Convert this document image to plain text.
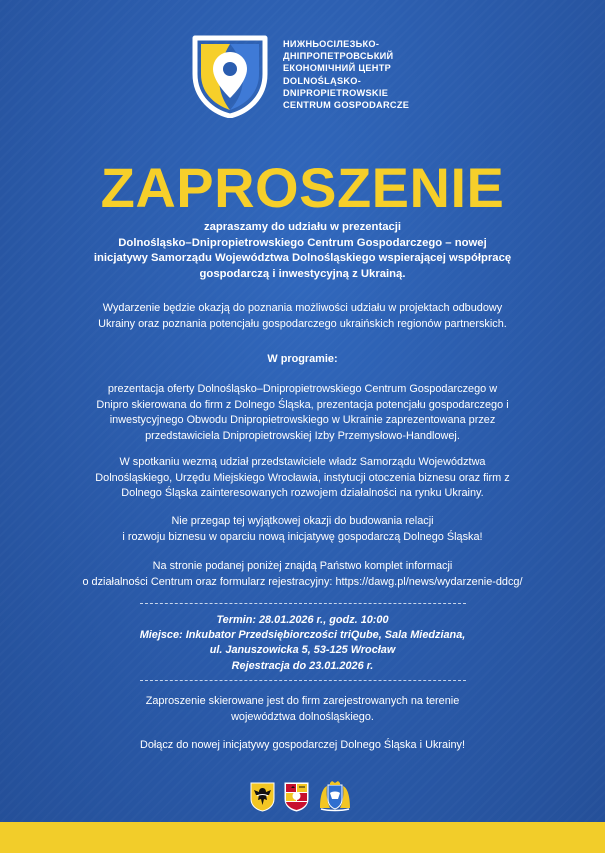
НИЖНЬОСІЛЕЗЬКО-
ДНІПРОПЕТРОВСЬКИЙ
ЕКОНОМІЧНИЙ ЦЕНТР
DOLNOŚLĄSKO-
DNIPROPIETROWSKIE
CENTRUM GOSPODARCZE
ZAPROSZENIE
zapraszamy do udziału w prezentacji
Dolnośląsko–Dnipropietrowskiego Centrum Gospodarczego – nowej
inicjatywy Samorządu Województwa Dolnośląskiego wspierającej współpracę
gospodarczą i inwestycyjną z Ukrainą.
Wydarzenie będzie okazją do poznania możliwości udziału w projektach odbudowy
Ukrainy oraz poznania potencjału gospodarczego ukraińskich regionów partnerskich.
W programie:
prezentacja oferty Dolnośląsko–Dnipropietrowskiego Centrum Gospodarczego w
Dnipro skierowana do firm z Dolnego Śląska, prezentacja potencjału gospodarczego i
inwestycyjnego Obwodu Dnipropietrowskiego w Ukrainie zaprezentowana przez
przedstawiciela Dnipropietrowskiej Izby Przemysłowo-Handlowej.
W spotkaniu wezmą udział przedstawiciele władz Samorządu Województwa
Dolnośląskiego, Urzędu Miejskiego Wrocławia, instytucji otoczenia biznesu oraz firm z
Dolnego Śląska zainteresowanych rozwojem działalności na rynku Ukrainy.
Nie przegap tej wyjątkowej okazji do budowania relacji
i rozwoju biznesu w oparciu nową inicjatywę gospodarczą Dolnego Śląska!
Na stronie podanej poniżej znajdą Państwo komplet informacji
o działalności Centrum oraz formularz rejestracyjny: https://dawg.pl/news/wydarzenie-ddcg/
Termin: 28.01.2026 r., godz. 10:00
Miejsce: Inkubator Przedsiębiorczości triQube, Sala Miedziana,
ul. Januszowicka 5, 53-125 Wrocław
Rejestracja do 23.01.2026 r.
Zaproszenie skierowane jest do firm zarejestrowanych na terenie
województwa dolnośląskiego.
Dołącz do nowej inicjatywy gospodarczej Dolnego Śląska i Ukrainy!
